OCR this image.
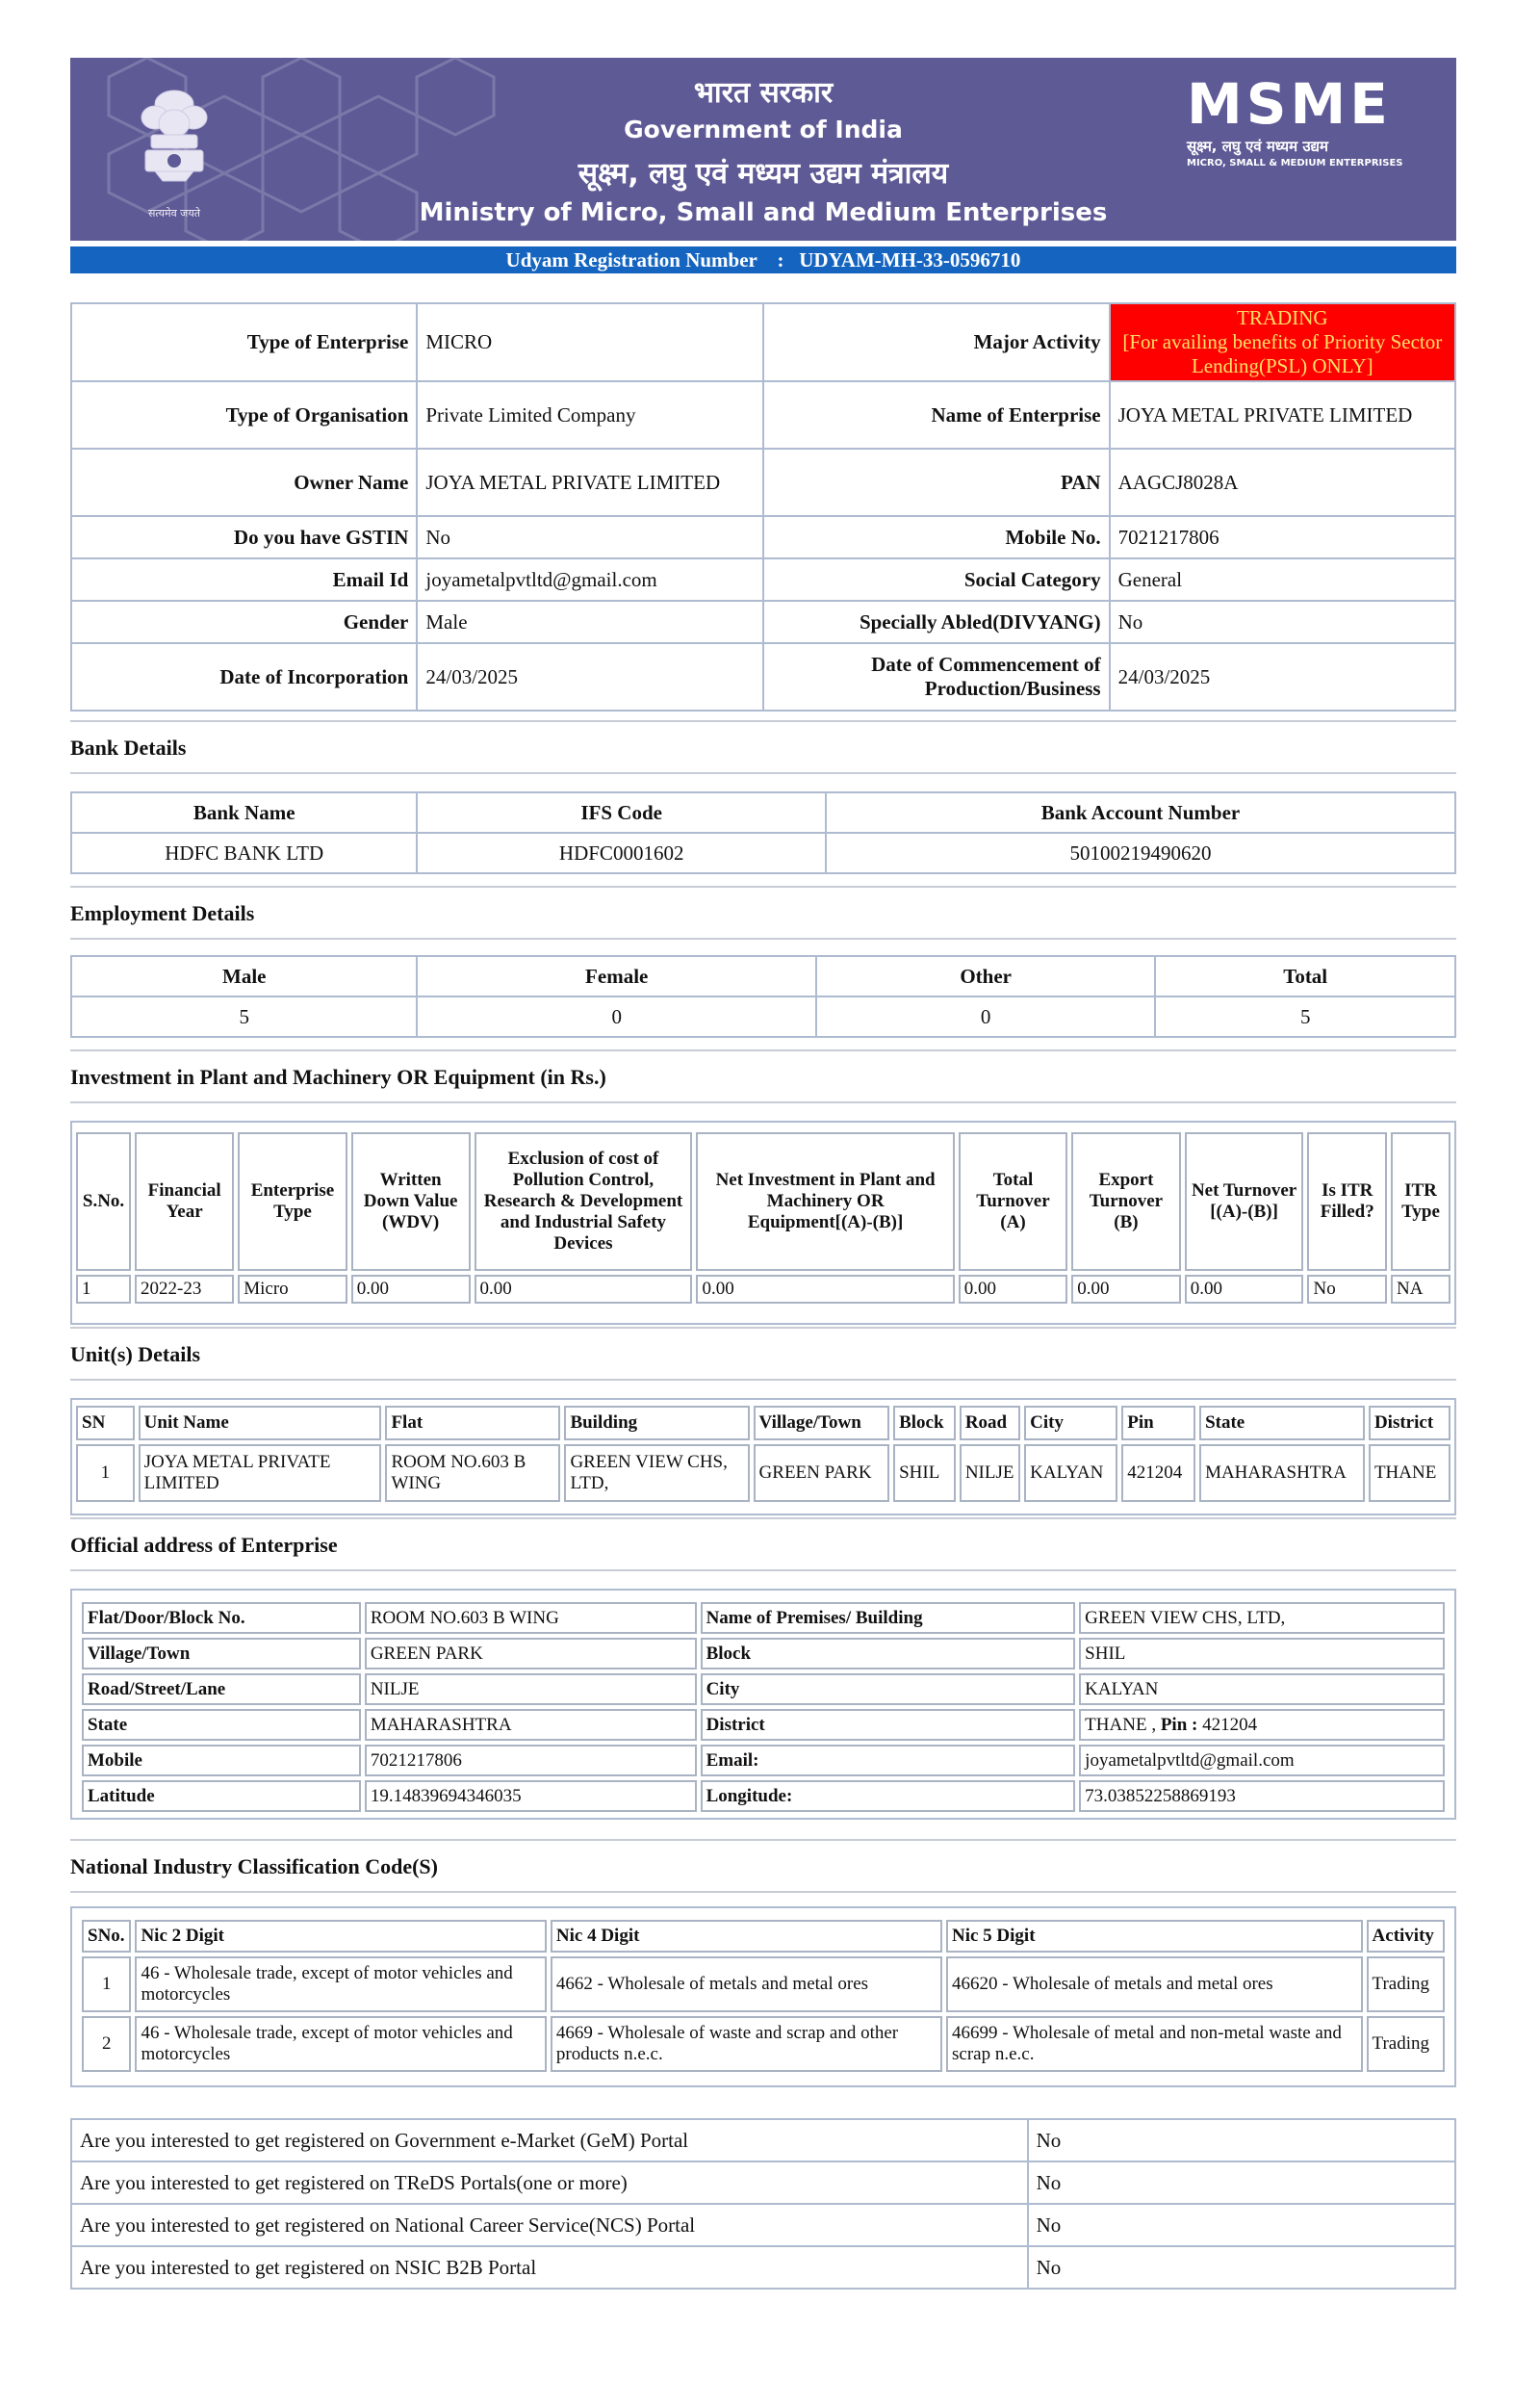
सत्यमेव जयते
भारत सरकार
Government of India
सूक्ष्म, लघु एवं मध्यम उद्यम मंत्रालय
Ministry of Micro, Small and Medium Enterprises
MSME
सूक्ष्म, लघु एवं मध्यम उद्यम
MICRO, SMALL & MEDIUM ENTERPRISES
Udyam Registration Number : UDYAM-MH-33-0596710
Type of Enterprise	MICRO	Major Activity	TRADING
[For availing benefits of Priority Sector Lending(PSL) ONLY]

Type of Organisation	Private Limited Company	Name of Enterprise	JOYA METAL PRIVATE LIMITED
Owner Name	JOYA METAL PRIVATE LIMITED	PAN	AAGCJ8028A
Do you have GSTIN	No	Mobile No.	7021217806
Email Id	joyametalpvtltd@gmail.com	Social Category	General
Gender	Male	Specially Abled(DIVYANG)	No
Date of Incorporation	24/03/2025	Date of Commencement of Production/Business	24/03/2025
Bank Details
Bank Name	IFS Code	Bank Account Number
HDFC BANK LTD	HDFC0001602	50100219490620
Employment Details
Male	Female	Other	Total
5	0	0	5
Investment in Plant and Machinery OR Equipment (in Rs.)
S.No.	Financial Year	Enterprise Type	Written Down Value (WDV)	Exclusion of cost of Pollution Control, Research & Development and Industrial Safety Devices	Net Investment in Plant and Machinery OR Equipment[(A)-(B)]	Total Turnover (A)	Export Turnover (B)	Net Turnover [(A)-(B)]	Is ITR Filled?	ITR Type
1	2022-23	Micro	0.00	0.00	0.00	0.00	0.00	0.00	No	NA
Unit(s) Details
SN	Unit Name	Flat	Building	Village/Town	Block	Road	City	Pin	State	District
1	JOYA METAL PRIVATE LIMITED	ROOM NO.603 B WING	GREEN VIEW CHS, LTD,	GREEN PARK	SHIL	NILJE	KALYAN	421204	MAHARASHTRA	THANE
Official address of Enterprise
Flat/Door/Block No.	ROOM NO.603 B WING	Name of Premises/ Building	GREEN VIEW CHS, LTD,
Village/Town	GREEN PARK	Block	SHIL
Road/Street/Lane	NILJE	City	KALYAN
State	MAHARASHTRA	District	THANE , Pin : 421204
Mobile	7021217806	Email:	joyametalpvtltd@gmail.com
Latitude	19.14839694346035	Longitude:	73.03852258869193
National Industry Classification Code(S)
SNo.	Nic 2 Digit	Nic 4 Digit	Nic 5 Digit	Activity
1	46 - Wholesale trade, except of motor vehicles and motorcycles	4662 - Wholesale of metals and metal ores	46620 - Wholesale of metals and metal ores	Trading
2	46 - Wholesale trade, except of motor vehicles and motorcycles	4669 - Wholesale of waste and scrap and other products n.e.c.	46699 - Wholesale of metal and non-metal waste and scrap n.e.c.	Trading
Are you interested to get registered on Government e-Market (GeM) Portal	No
Are you interested to get registered on TReDS Portals(one or more)	No
Are you interested to get registered on National Career Service(NCS) Portal	No
Are you interested to get registered on NSIC B2B Portal	No
